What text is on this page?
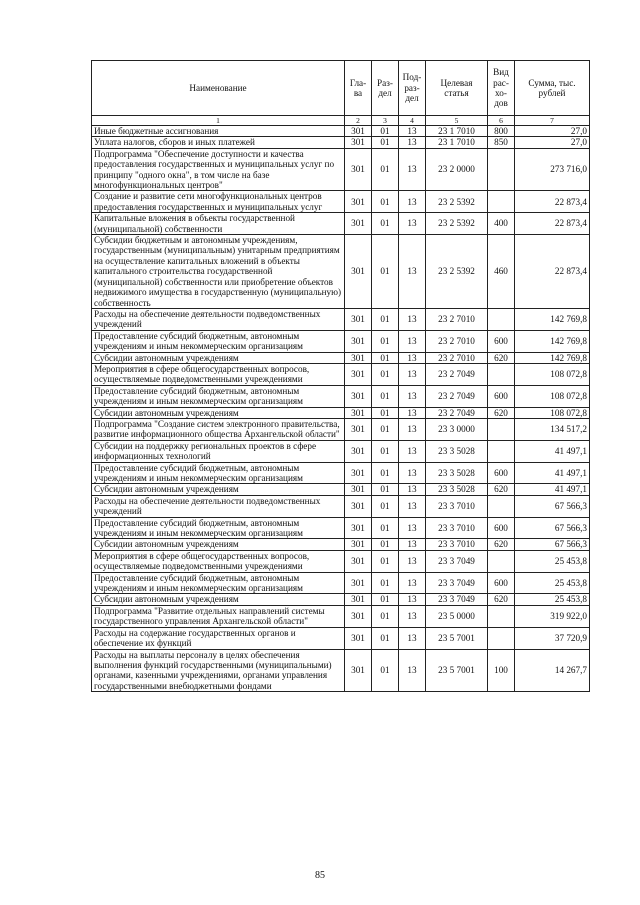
Наименование	Гла-ва	Раз-дел	Под-раз-дел	Целевая статья	Вид рас-хо-дов	Сумма, тыс. рублей
1	2	3	4	5	6	7
Иные бюджетные ассигнования	301	01	13	23 1 7010	800	27,0
Уплата налогов, сборов и иных платежей	301	01	13	23 1 7010	850	27,0
Подпрограмма "Обеспечение доступности и качества предоставления государственных и муниципальных услуг по принципу "одного окна", в том числе на базе многофункциональных центров"	301	01	13	23 2 0000		273 716,0
Создание и развитие сети многофункциональных центров предоставления государственных и муниципальных услуг	301	01	13	23 2 5392		22 873,4
Капитальные вложения в объекты государственной (муниципальной) собственности	301	01	13	23 2 5392	400	22 873,4
Субсидии бюджетным и автономным учреждениям, государственным (муниципальным) унитарным предприятиям на осуществление капитальных вложений в объекты капитального строительства государственной (муниципальной) собственности или приобретение объектов недвижимого имущества в государственную (муниципальную) собственность	301	01	13	23 2 5392	460	22 873,4
Расходы на обеспечение деятельности подведомственных учреждений	301	01	13	23 2 7010		142 769,8
Предоставление субсидий бюджетным, автономным учреждениям и иным некоммерческим организациям	301	01	13	23 2 7010	600	142 769,8
Субсидии автономным учреждениям	301	01	13	23 2 7010	620	142 769,8
Мероприятия в сфере общегосударственных вопросов, осуществляемые подведомственными учреждениями	301	01	13	23 2 7049		108 072,8
Предоставление субсидий бюджетным, автономным учреждениям и иным некоммерческим организациям	301	01	13	23 2 7049	600	108 072,8
Субсидии автономным учреждениям	301	01	13	23 2 7049	620	108 072,8
Подпрограмма "Создание систем электронного правительства, развитие информационного общества Архангельской области"	301	01	13	23 3 0000		134 517,2
Субсидии на поддержку региональных проектов в сфере информационных технологий	301	01	13	23 3 5028		41 497,1
Предоставление субсидий бюджетным, автономным учреждениям и иным некоммерческим организациям	301	01	13	23 3 5028	600	41 497,1
Субсидии автономным учреждениям	301	01	13	23 3 5028	620	41 497,1
Расходы на обеспечение деятельности подведомственных учреждений	301	01	13	23 3 7010		67 566,3
Предоставление субсидий бюджетным, автономным учреждениям и иным некоммерческим организациям	301	01	13	23 3 7010	600	67 566,3
Субсидии автономным учреждениям	301	01	13	23 3 7010	620	67 566,3
Мероприятия в сфере общегосударственных вопросов, осуществляемые подведомственными учреждениями	301	01	13	23 3 7049		25 453,8
Предоставление субсидий бюджетным, автономным учреждениям и иным некоммерческим организациям	301	01	13	23 3 7049	600	25 453,8
Субсидии автономным учреждениям	301	01	13	23 3 7049	620	25 453,8
Подпрограмма "Развитие отдельных направлений системы государственного управления Архангельской области"	301	01	13	23 5 0000		319 922,0
Расходы на содержание государственных органов и обеспечение их функций	301	01	13	23 5 7001		37 720,9
Расходы на выплаты персоналу в целях обеспечения выполнения функций государственными (муниципальными) органами, казенными учреждениями, органами управления государственными внебюджетными фондами	301	01	13	23 5 7001	100	14 267,7
85
